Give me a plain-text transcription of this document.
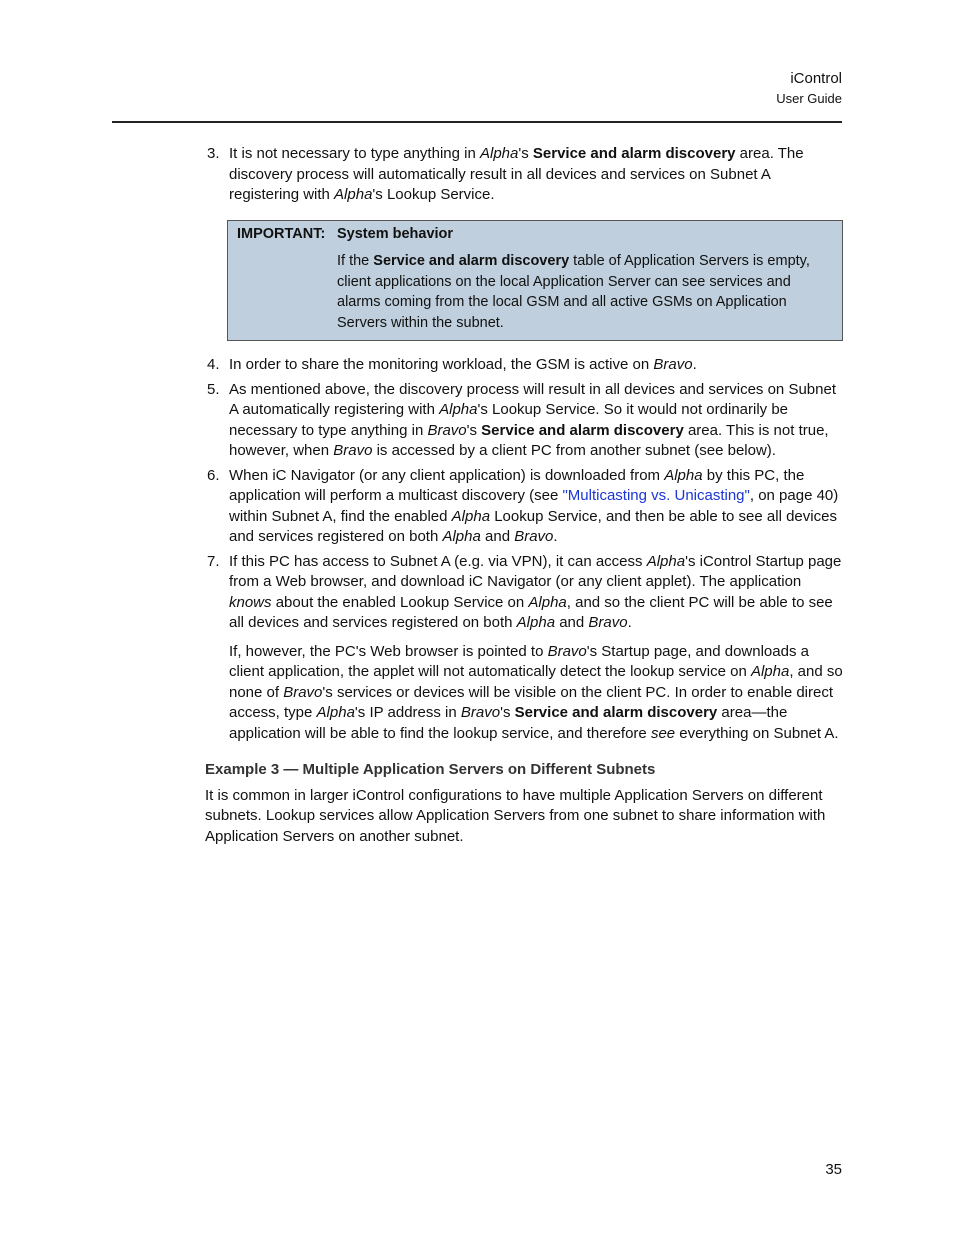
iControl
User Guide
3. It is not necessary to type anything in Alpha's Service and alarm discovery area. The discovery process will automatically result in all devices and services on Subnet A registering with Alpha's Lookup Service.

IMPORTANT: System behavior
If the Service and alarm discovery table of Application Servers is empty, client applications on the local Application Server can see services and alarms coming from the local GSM and all active GSMs on Application Servers within the subnet.
4. In order to share the monitoring workload, the GSM is active on Bravo.

5. As mentioned above, the discovery process will result in all devices and services on Subnet A automatically registering with Alpha's Lookup Service. So it would not ordinarily be necessary to type anything in Bravo's Service and alarm discovery area. This is not true, however, when Bravo is accessed by a client PC from another subnet (see below).

6. When iC Navigator (or any client application) is downloaded from Alpha by this PC, the application will perform a multicast discovery (see "Multicasting vs. Unicasting", on page 40) within Subnet A, find the enabled Alpha Lookup Service, and then be able to see all devices and services registered on both Alpha and Bravo.

7. If this PC has access to Subnet A (e.g. via VPN), it can access Alpha's iControl Startup page from a Web browser, and download iC Navigator (or any client applet). The application knows about the enabled Lookup Service on Alpha, and so the client PC will be able to see all devices and services registered on both Alpha and Bravo.

If, however, the PC's Web browser is pointed to Bravo's Startup page, and downloads a client application, the applet will not automatically detect the lookup service on Alpha, and so none of Bravo's services or devices will be visible on the client PC. In order to enable direct access, type Alpha's IP address in Bravo's Service and alarm discovery area—the application will be able to find the lookup service, and therefore see everything on Subnet A.

Example 3 — Multiple Application Servers on Different Subnets

It is common in larger iControl configurations to have multiple Application Servers on different subnets. Lookup services allow Application Servers from one subnet to share information with Application Servers on another subnet.

35
